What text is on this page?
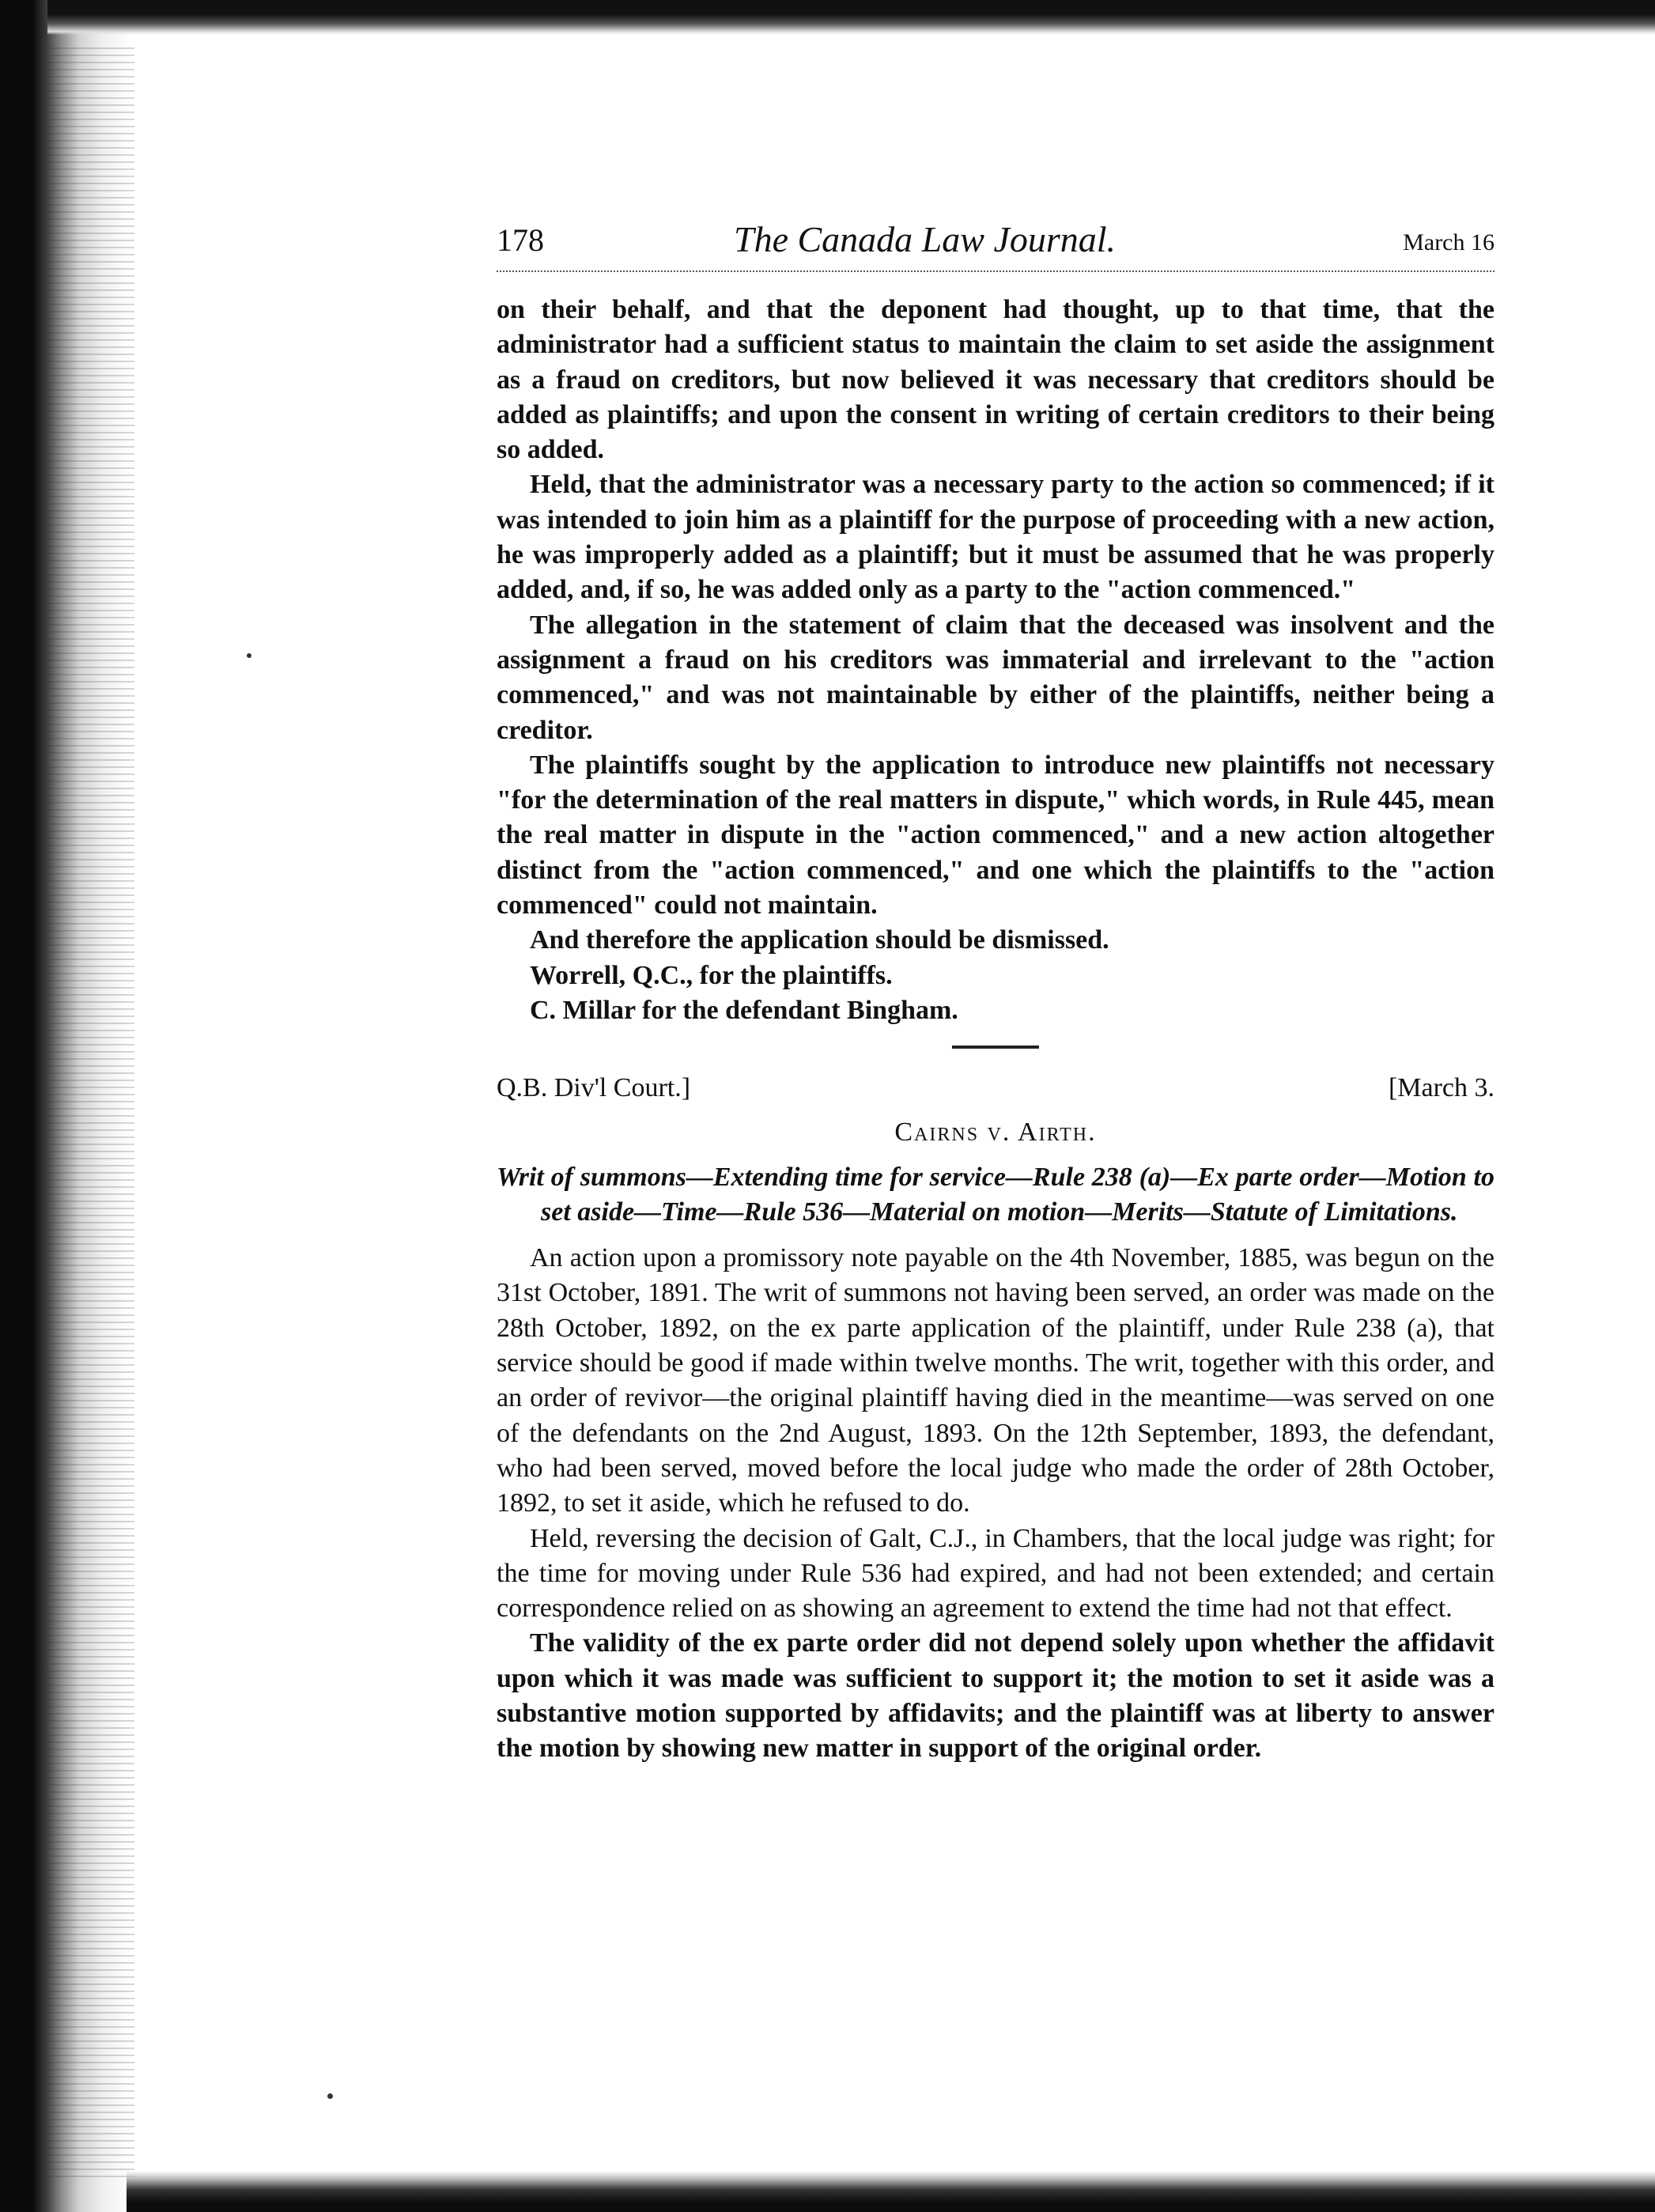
178	The Canada Law Journal.	March 16

on their behalf, and that the deponent had thought, up to that time, that the administrator had a sufficient status to maintain the claim to set aside the assignment as a fraud on creditors, but now believed it was necessary that creditors should be added as plaintiffs; and upon the consent in writing of certain creditors to their being so added.

Held, that the administrator was a necessary party to the action so commenced; if it was intended to join him as a plaintiff for the purpose of proceeding with a new action, he was improperly added as a plaintiff; but it must be assumed that he was properly added, and, if so, he was added only as a party to the "action commenced."

The allegation in the statement of claim that the deceased was insolvent and the assignment a fraud on his creditors was immaterial and irrelevant to the "action commenced," and was not maintainable by either of the plaintiffs, neither being a creditor.

The plaintiffs sought by the application to introduce new plaintiffs not necessary "for the determination of the real matters in dispute," which words, in Rule 445, mean the real matter in dispute in the "action commenced," and a new action altogether distinct from the "action commenced," and one which the plaintiffs to the "action commenced" could not maintain.

And therefore the application should be dismissed.

Worrell, Q.C., for the plaintiffs.

C. Millar for the defendant Bingham.

Q.B. Div'l Court.]	[March 3.
Cairns v. Airth.

Writ of summons—Extending time for service—Rule 238 (a)—Ex parte order—Motion to set aside—Time—Rule 536—Material on motion—Merits—Statute of Limitations.

An action upon a promissory note payable on the 4th November, 1885, was begun on the 31st October, 1891. The writ of summons not having been served, an order was made on the 28th October, 1892, on the ex parte application of the plaintiff, under Rule 238 (a), that service should be good if made within twelve months. The writ, together with this order, and an order of revivor—the original plaintiff having died in the meantime—was served on one of the defendants on the 2nd August, 1893. On the 12th September, 1893, the defendant, who had been served, moved before the local judge who made the order of 28th October, 1892, to set it aside, which he refused to do.

Held, reversing the decision of Galt, C.J., in Chambers, that the local judge was right; for the time for moving under Rule 536 had expired, and had not been extended; and certain correspondence relied on as showing an agreement to extend the time had not that effect.

The validity of the ex parte order did not depend solely upon whether the affidavit upon which it was made was sufficient to support it; the motion to set it aside was a substantive motion supported by affidavits; and the plaintiff was at liberty to answer the motion by showing new matter in support of the original order.
